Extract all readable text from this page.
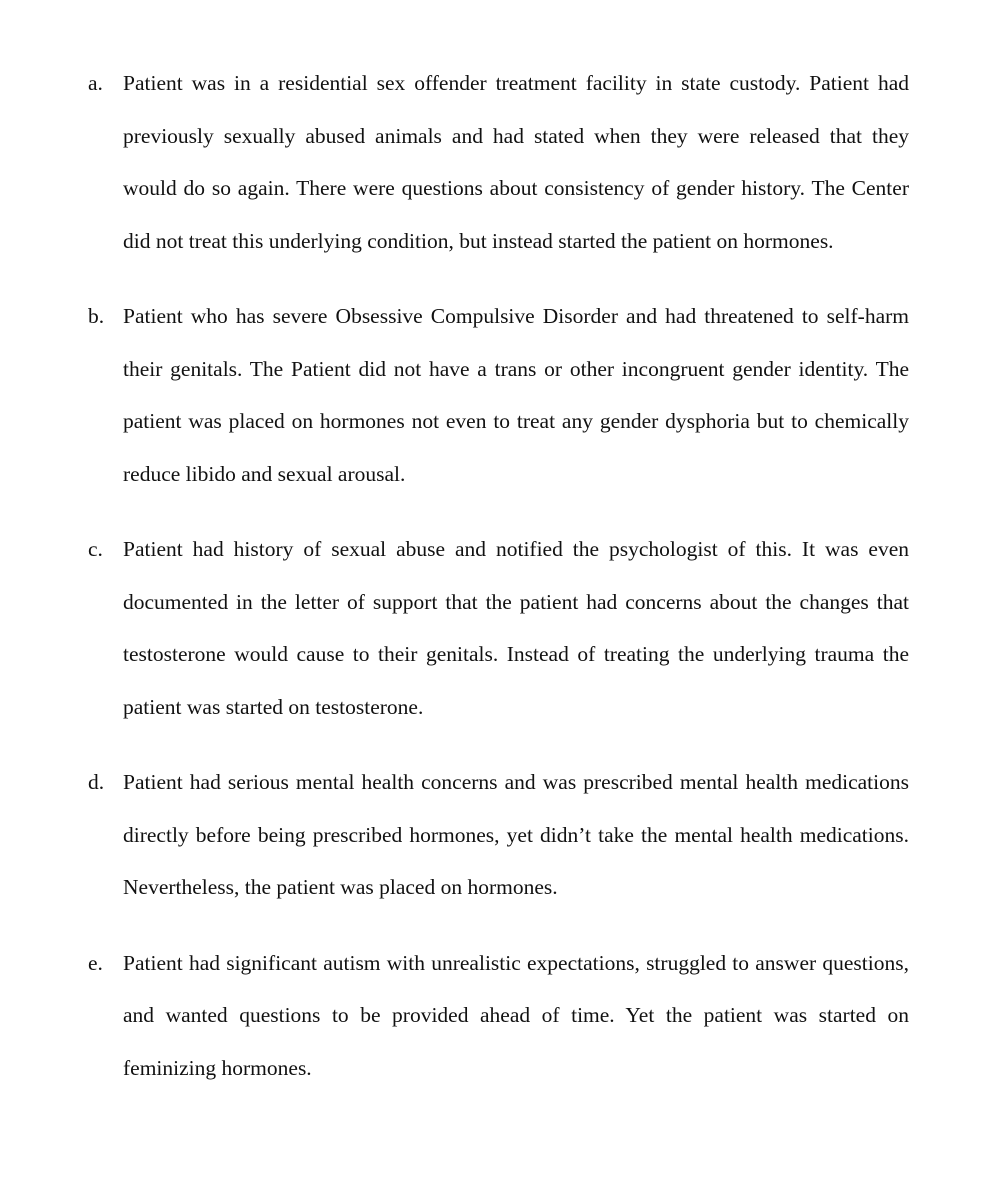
a. Patient was in a residential sex offender treatment facility in state custody. Patient had previously sexually abused animals and had stated when they were released that they would do so again. There were questions about consistency of gender history. The Center did not treat this underlying condition, but instead started the patient on hormones.
b. Patient who has severe Obsessive Compulsive Disorder and had threatened to self-harm their genitals. The Patient did not have a trans or other incongruent gender identity. The patient was placed on hormones not even to treat any gender dysphoria but to chemically reduce libido and sexual arousal.
c. Patient had history of sexual abuse and notified the psychologist of this. It was even documented in the letter of support that the patient had concerns about the changes that testosterone would cause to their genitals. Instead of treating the underlying trauma the patient was started on testosterone.
d. Patient had serious mental health concerns and was prescribed mental health medications directly before being prescribed hormones, yet didn’t take the mental health medications. Nevertheless, the patient was placed on hormones.
e. Patient had significant autism with unrealistic expectations, struggled to answer questions, and wanted questions to be provided ahead of time. Yet the patient was started on feminizing hormones.
